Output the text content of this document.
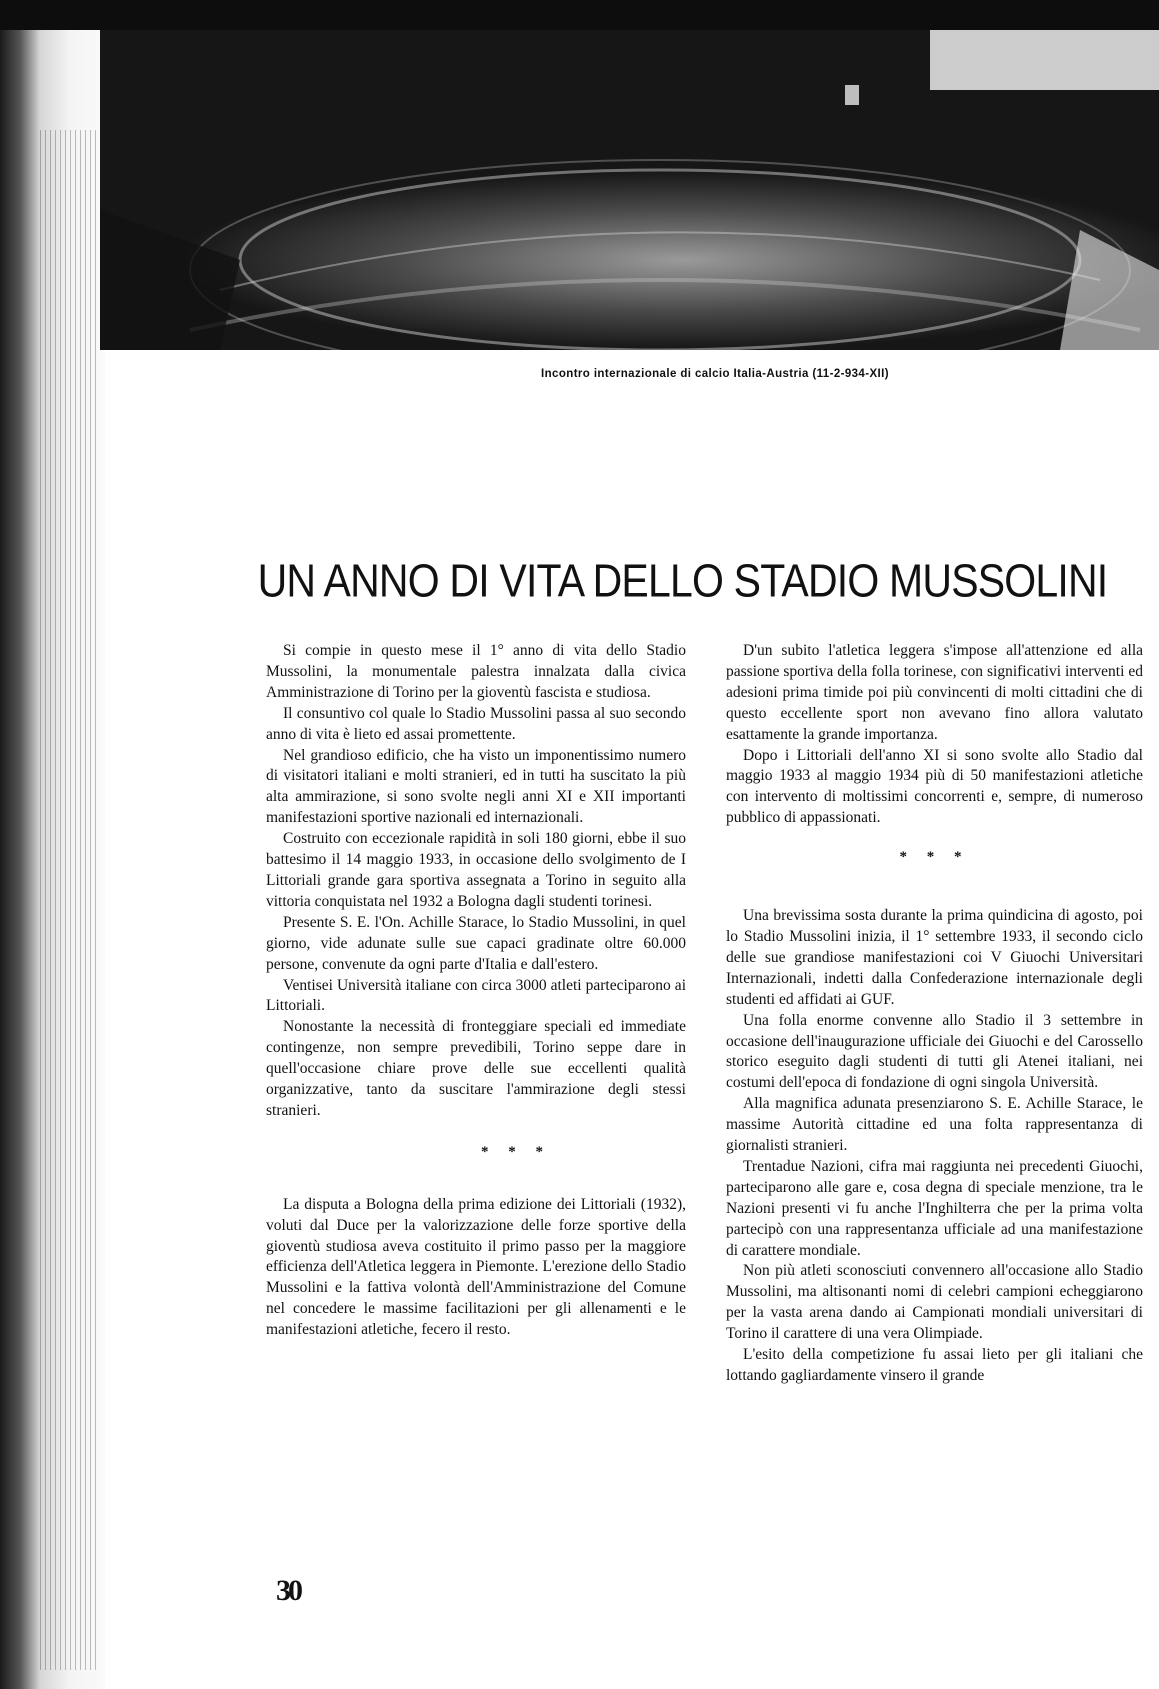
Incontro internazionale di calcio Italia-Austria (11-2-934-XII)
UN ANNO DI VITA DELLO STADIO MUSSOLINI

Si compie in questo mese il 1° anno di vita dello Stadio Mussolini, la monumentale palestra innalzata dalla civica Amministrazione di Torino per la gioventù fascista e studiosa.

Il consuntivo col quale lo Stadio Mussolini passa al suo secondo anno di vita è lieto ed assai promettente.

Nel grandioso edificio, che ha visto un imponentissimo numero di visitatori italiani e molti stranieri, ed in tutti ha suscitato la più alta ammirazione, si sono svolte negli anni XI e XII importanti manifestazioni sportive nazionali ed internazionali.

Costruito con eccezionale rapidità in soli 180 giorni, ebbe il suo battesimo il 14 maggio 1933, in occasione dello svolgimento de I Littoriali grande gara sportiva assegnata a Torino in seguito alla vittoria conquistata nel 1932 a Bologna dagli studenti torinesi.

Presente S. E. l'On. Achille Starace, lo Stadio Mussolini, in quel giorno, vide adunate sulle sue capaci gradinate oltre 60.000 persone, convenute da ogni parte d'Italia e dall'estero.

Ventisei Università italiane con circa 3000 atleti parteciparono ai Littoriali.

Nonostante la necessità di fronteggiare speciali ed immediate contingenze, non sempre prevedibili, Torino seppe dare in quell'occasione chiare prove delle sue eccellenti qualità organizzative, tanto da suscitare l'ammirazione degli stessi stranieri.

* * *

La disputa a Bologna della prima edizione dei Littoriali (1932), voluti dal Duce per la valorizzazione delle forze sportive della gioventù studiosa aveva costituito il primo passo per la maggiore efficienza dell'Atletica leggera in Piemonte. L'erezione dello Stadio Mussolini e la fattiva volontà dell'Amministrazione del Comune nel concedere le massime facilitazioni per gli allenamenti e le manifestazioni atletiche, fecero il resto.

D'un subito l'atletica leggera s'impose all'attenzione ed alla passione sportiva della folla torinese, con significativi interventi ed adesioni prima timide poi più convincenti di molti cittadini che di questo eccellente sport non avevano fino allora valutato esattamente la grande importanza.

Dopo i Littoriali dell'anno XI si sono svolte allo Stadio dal maggio 1933 al maggio 1934 più di 50 manifestazioni atletiche con intervento di moltissimi concorrenti e, sempre, di numeroso pubblico di appassionati.

* * *

Una brevissima sosta durante la prima quindicina di agosto, poi lo Stadio Mussolini inizia, il 1° settembre 1933, il secondo ciclo delle sue grandiose manifestazioni coi V Giuochi Universitari Internazionali, indetti dalla Confederazione internazionale degli studenti ed affidati ai GUF.

Una folla enorme convenne allo Stadio il 3 settembre in occasione dell'inaugurazione ufficiale dei Giuochi e del Carossello storico eseguito dagli studenti di tutti gli Atenei italiani, nei costumi dell'epoca di fondazione di ogni singola Università.

Alla magnifica adunata presenziarono S. E. Achille Starace, le massime Autorità cittadine ed una folta rappresentanza di giornalisti stranieri.

Trentadue Nazioni, cifra mai raggiunta nei precedenti Giuochi, parteciparono alle gare e, cosa degna di speciale menzione, tra le Nazioni presenti vi fu anche l'Inghilterra che per la prima volta partecipò con una rappresentanza ufficiale ad una manifestazione di carattere mondiale.

Non più atleti sconosciuti convennero all'occasione allo Stadio Mussolini, ma altisonanti nomi di celebri campioni echeggiarono per la vasta arena dando ai Campionati mondiali universitari di Torino il carattere di una vera Olimpiade.

L'esito della competizione fu assai lieto per gli italiani che lottando gagliardamente vinsero il grande

30
